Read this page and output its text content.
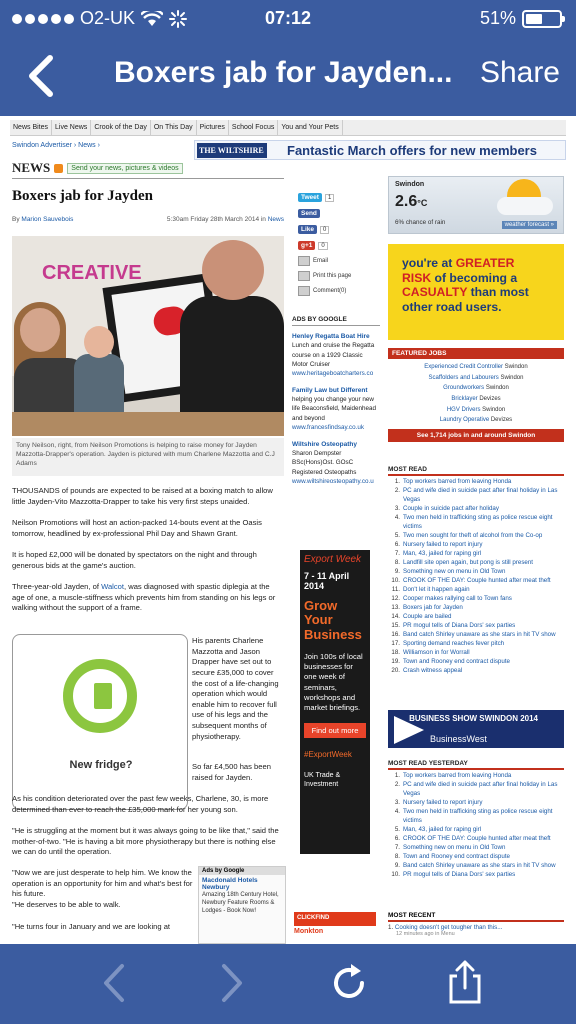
O2-UK	07:12	51%
Boxers jab for Jayden... Share
News Bites	Live News	Crook of the Day	On This Day	Pictures	School Focus	You and Your Pets
Swindon Advertiser › News ›
THE WILTSHIRE Fantastic March offers for new members
NEWS	Send your news, pictures & videos
Boxers jab for Jayden
By Marion Sauvebois	5:30am Friday 28th March 2014 in News
CREATIVE
Tony Neilson, right, from Neilson Promotions is helping to raise money for Jayden Mazzotta-Drapper's operation. Jayden is pictured with mum Charlene Mazzotta and C.J Adams

THOUSANDS of pounds are expected to be raised at a boxing match to allow little Jayden-Vito Mazzotta-Drapper to take his very first steps unaided.

Neilson Promotions will host an action-packed 14-bouts event at the Oasis tomorrow, headlined by ex-professional Phil Day and Shawn Grant.

It is hoped £2,000 will be donated by spectators on the night and through generous bids at the game's auction.

Three-year-old Jayden, of Walcot, was diagnosed with spastic diplegia at the age of one, a muscle-stiffness which prevents him from standing on his legs or walking without the support of a frame.

New fridge?

His parents Charlene Mazzotta and Jason Drapper have set out to secure £35,000 to cover the cost of a life-changing operation which would enable him to recover full use of his legs and the subsequent months of physiotherapy.

So far £4,500 has been raised for Jayden.

As his condition deteriorated over the past few weeks, Charlene, 30, is more determined than ever to reach the £35,000 mark for her young son.

"He is struggling at the moment but it was always going to be like that," said the mother-of-two. "He is having a bit more physiotherapy but there is nothing else we can do until the operation.

"Now we are just desperate to help him. We know the operation is an opportunity for him and what's best for his future.

"He deserves to be able to walk.

"He turns four in January and we are looking at

Ads by Google
Macdonald Hotels Newbury
Amazing 18th Century Hotel, Newbury Feature Rooms & Lodges - Book Now!
Tweet	1
Send
Like	0
g+1	0
Email
Print this page
Comment(0)
ADS BY GOOGLE
Henley Regatta Boat Hire
Lunch and cruise the Regatta course on a 1929 Classic Motor Cruiser
www.heritageboatcharters.co
Family Law but Different
helping you change your new life Beaconsfield, Maidenhead and beyond
www.francesfindsay.co.uk
Wiltshire Osteopathy
Sharon Dempster BSc(Hons)Ost. GOsC Registered Osteopaths
www.wiltshireosteopathy.co.u
Export Week
7 - 11 April 2014
Grow Your Business
Join 100s of local businesses for one week of seminars, workshops and market briefings.
Find out more
#ExportWeek
UK Trade & Investment
CLICKFIND
Monkton
Swindon
2.6°C
6% chance of rain	weather forecast »
you're at GREATER
RISK of becoming a
CASUALTY than most
other road users.
FEATURED JOBS
Experienced Credit Controller Swindon
Scaffolders and Labourers Swindon
Groundworkers Swindon
Bricklayer Devizes
HGV Drivers Swindon
Laundry Operative Devizes
See 1,714 jobs in and around Swindon
MOST READ
1. Top workers barred from leaving Honda
2. PC and wife died in suicide pact after final holiday in Las Vegas
3. Couple in suicide pact after holiday
4. Two men held in trafficking sting as police rescue eight victims
5. Two men sought for theft of alcohol from the Co-op
6. Nursery failed to report injury
7. Man, 43, jailed for raping girl
8. Landfill site open again, but pong is still present
9. Something new on menu in Old Town
10. CROOK OF THE DAY: Couple hunted after meat theft
11. Don't let it happen again
12. Cooper makes rallying call to Town fans
13. Boxers jab for Jayden
14. Couple are bailed
15. PR mogul tells of Diana Dors' sex parties
16. Band catch Shirley unaware as she stars in hit TV show
17. Sporting demand reaches fever pitch
18. Williamson in for Worrall
19. Town and Rooney end contract dispute
20. Crash witness appeal
BUSINESS SHOW SWINDON 2014
BusinessWest
MOST READ YESTERDAY
1. Top workers barred from leaving Honda
2. PC and wife died in suicide pact after final holiday in Las Vegas
3. Nursery failed to report injury
4. Two men held in trafficking sting as police rescue eight victims
5. Man, 43, jailed for raping girl
6. CROOK OF THE DAY: Couple hunted after meat theft
7. Something new on menu in Old Town
8. Town and Rooney end contract dispute
9. Band catch Shirley unaware as she stars in hit TV show
10. PR mogul tells of Diana Dors' sex parties
MOST RECENT
1. Cooking doesn't get tougher than this...
12 minutes ago in Menu
